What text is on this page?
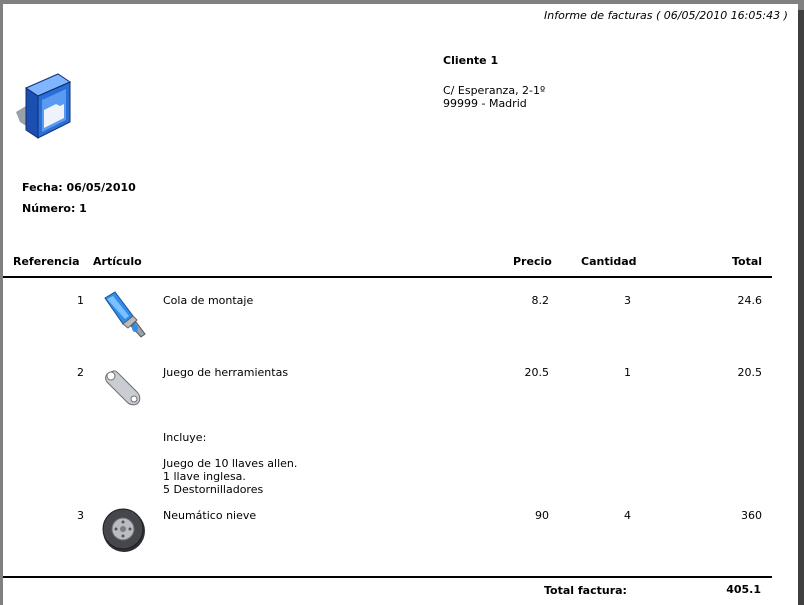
Informe de facturas ( 06/05/2010 16:05:43 )
Cliente 1
C/ Esperanza, 2-1º
99999 - Madrid
Fecha: 06/05/2010
Número: 1
Referencia Artículo	Precio	Cantidad	Total
1	Cola de montaje	8.2	3	24.6
2	Juego de herramientas	20.5	1	20.5
Incluye:
Juego de 10 llaves allen.
1 llave inglesa.
5 Destornilladores
3	Neumático nieve	90	4	360
Total factura:	405.1
